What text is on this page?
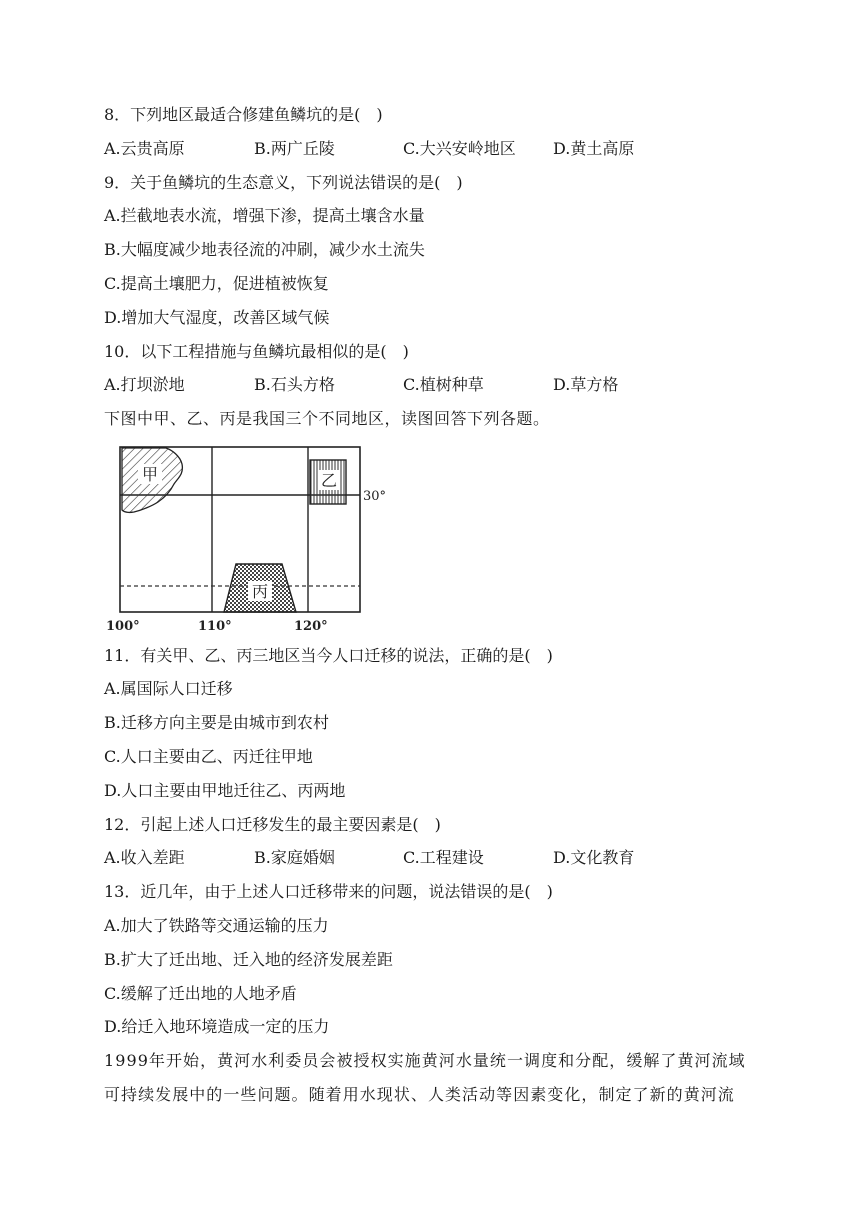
8．下列地区最适合修建鱼鳞坑的是(　)
A.云贵高原	B.两广丘陵	C.大兴安岭地区 D.黄土高原
9．关于鱼鳞坑的生态意义，下列说法错误的是(　)
A.拦截地表水流，增强下渗，提高土壤含水量
B.大幅度减少地表径流的冲刷，减少水土流失
C.提高土壤肥力，促进植被恢复
D.增加大气湿度，改善区域气候
10．以下工程措施与鱼鳞坑最相似的是(　)
A.打坝淤地	B.石头方格	C.植树种草	D.草方格
下图中甲、乙、丙是我国三个不同地区，读图回答下列各题。
甲	乙
30°
丙
100°	110°	120°
11．有关甲、乙、丙三地区当今人口迁移的说法，正确的是(　)
A.属国际人口迁移
B.迁移方向主要是由城市到农村
C.人口主要由乙、丙迁往甲地
D.人口主要由甲地迁往乙、丙两地
12．引起上述人口迁移发生的最主要因素是(　)
A.收入差距	B.家庭婚姻	C.工程建设	D.文化教育
13．近几年，由于上述人口迁移带来的问题，说法错误的是(　)
A.加大了铁路等交通运输的压力
B.扩大了迁出地、迁入地的经济发展差距
C.缓解了迁出地的人地矛盾
D.给迁入地环境造成一定的压力
1999年开始，黄河水利委员会被授权实施黄河水量统一调度和分配，缓解了黄河流域
可持续发展中的一些问题。随着用水现状、人类活动等因素变化，制定了新的黄河流
